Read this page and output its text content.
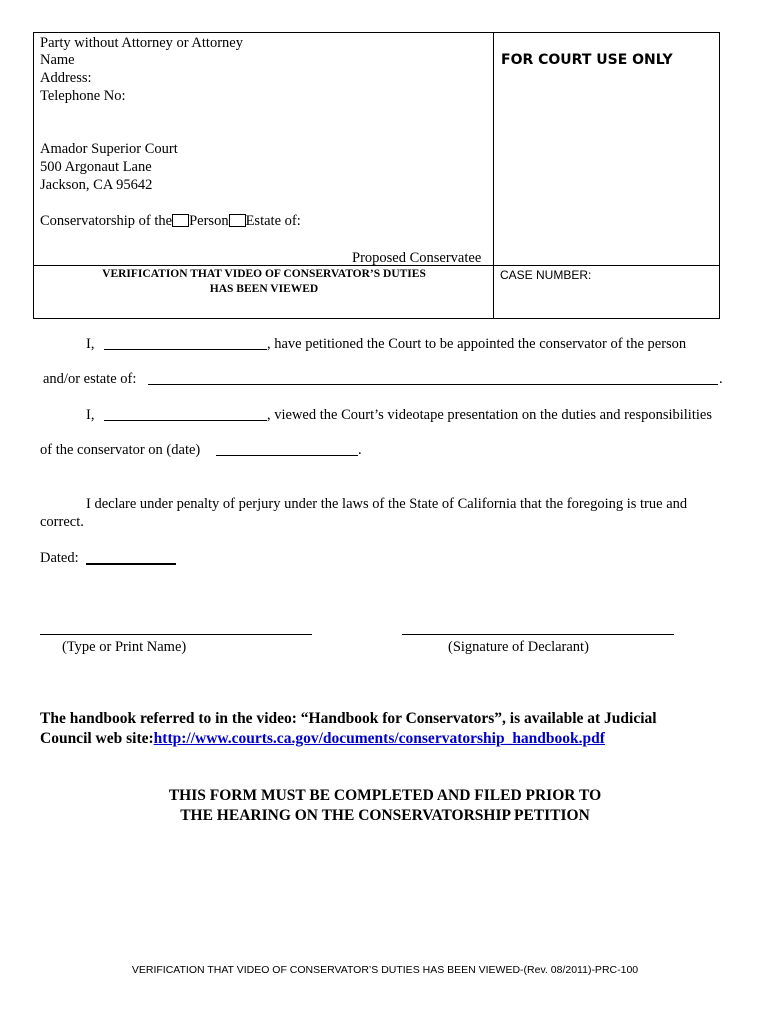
Party without Attorney or Attorney
Name
Address:
Telephone No:
Amador Superior Court
500 Argonaut Lane
Jackson, CA 95642
Conservatorship of the Person Estate of:
Proposed Conservatee
FOR COURT USE ONLY
VERIFICATION THAT VIDEO OF CONSERVATOR’S DUTIES
HAS BEEN VIEWED
CASE NUMBER:
I,	, have petitioned the Court to be appointed the conservator of the person
and/or estate of:	.
I,	, viewed the Court’s videotape presentation on the duties and responsibilities
of the conservator on (date)	.
I declare under penalty of perjury under the laws of the State of California that the foregoing is true and
correct.
Dated:
(Type or Print Name)	(Signature of Declarant)
The handbook referred to in the video: “Handbook for Conservators”, is available at Judicial
Council web site:http://www.courts.ca.gov/documents/conservatorship_handbook.pdf
THIS FORM MUST BE COMPLETED AND FILED PRIOR TO
THE HEARING ON THE CONSERVATORSHIP PETITION
VERIFICATION THAT VIDEO OF CONSERVATOR’S DUTIES HAS BEEN VIEWED-(Rev. 08/2011)-PRC-100
